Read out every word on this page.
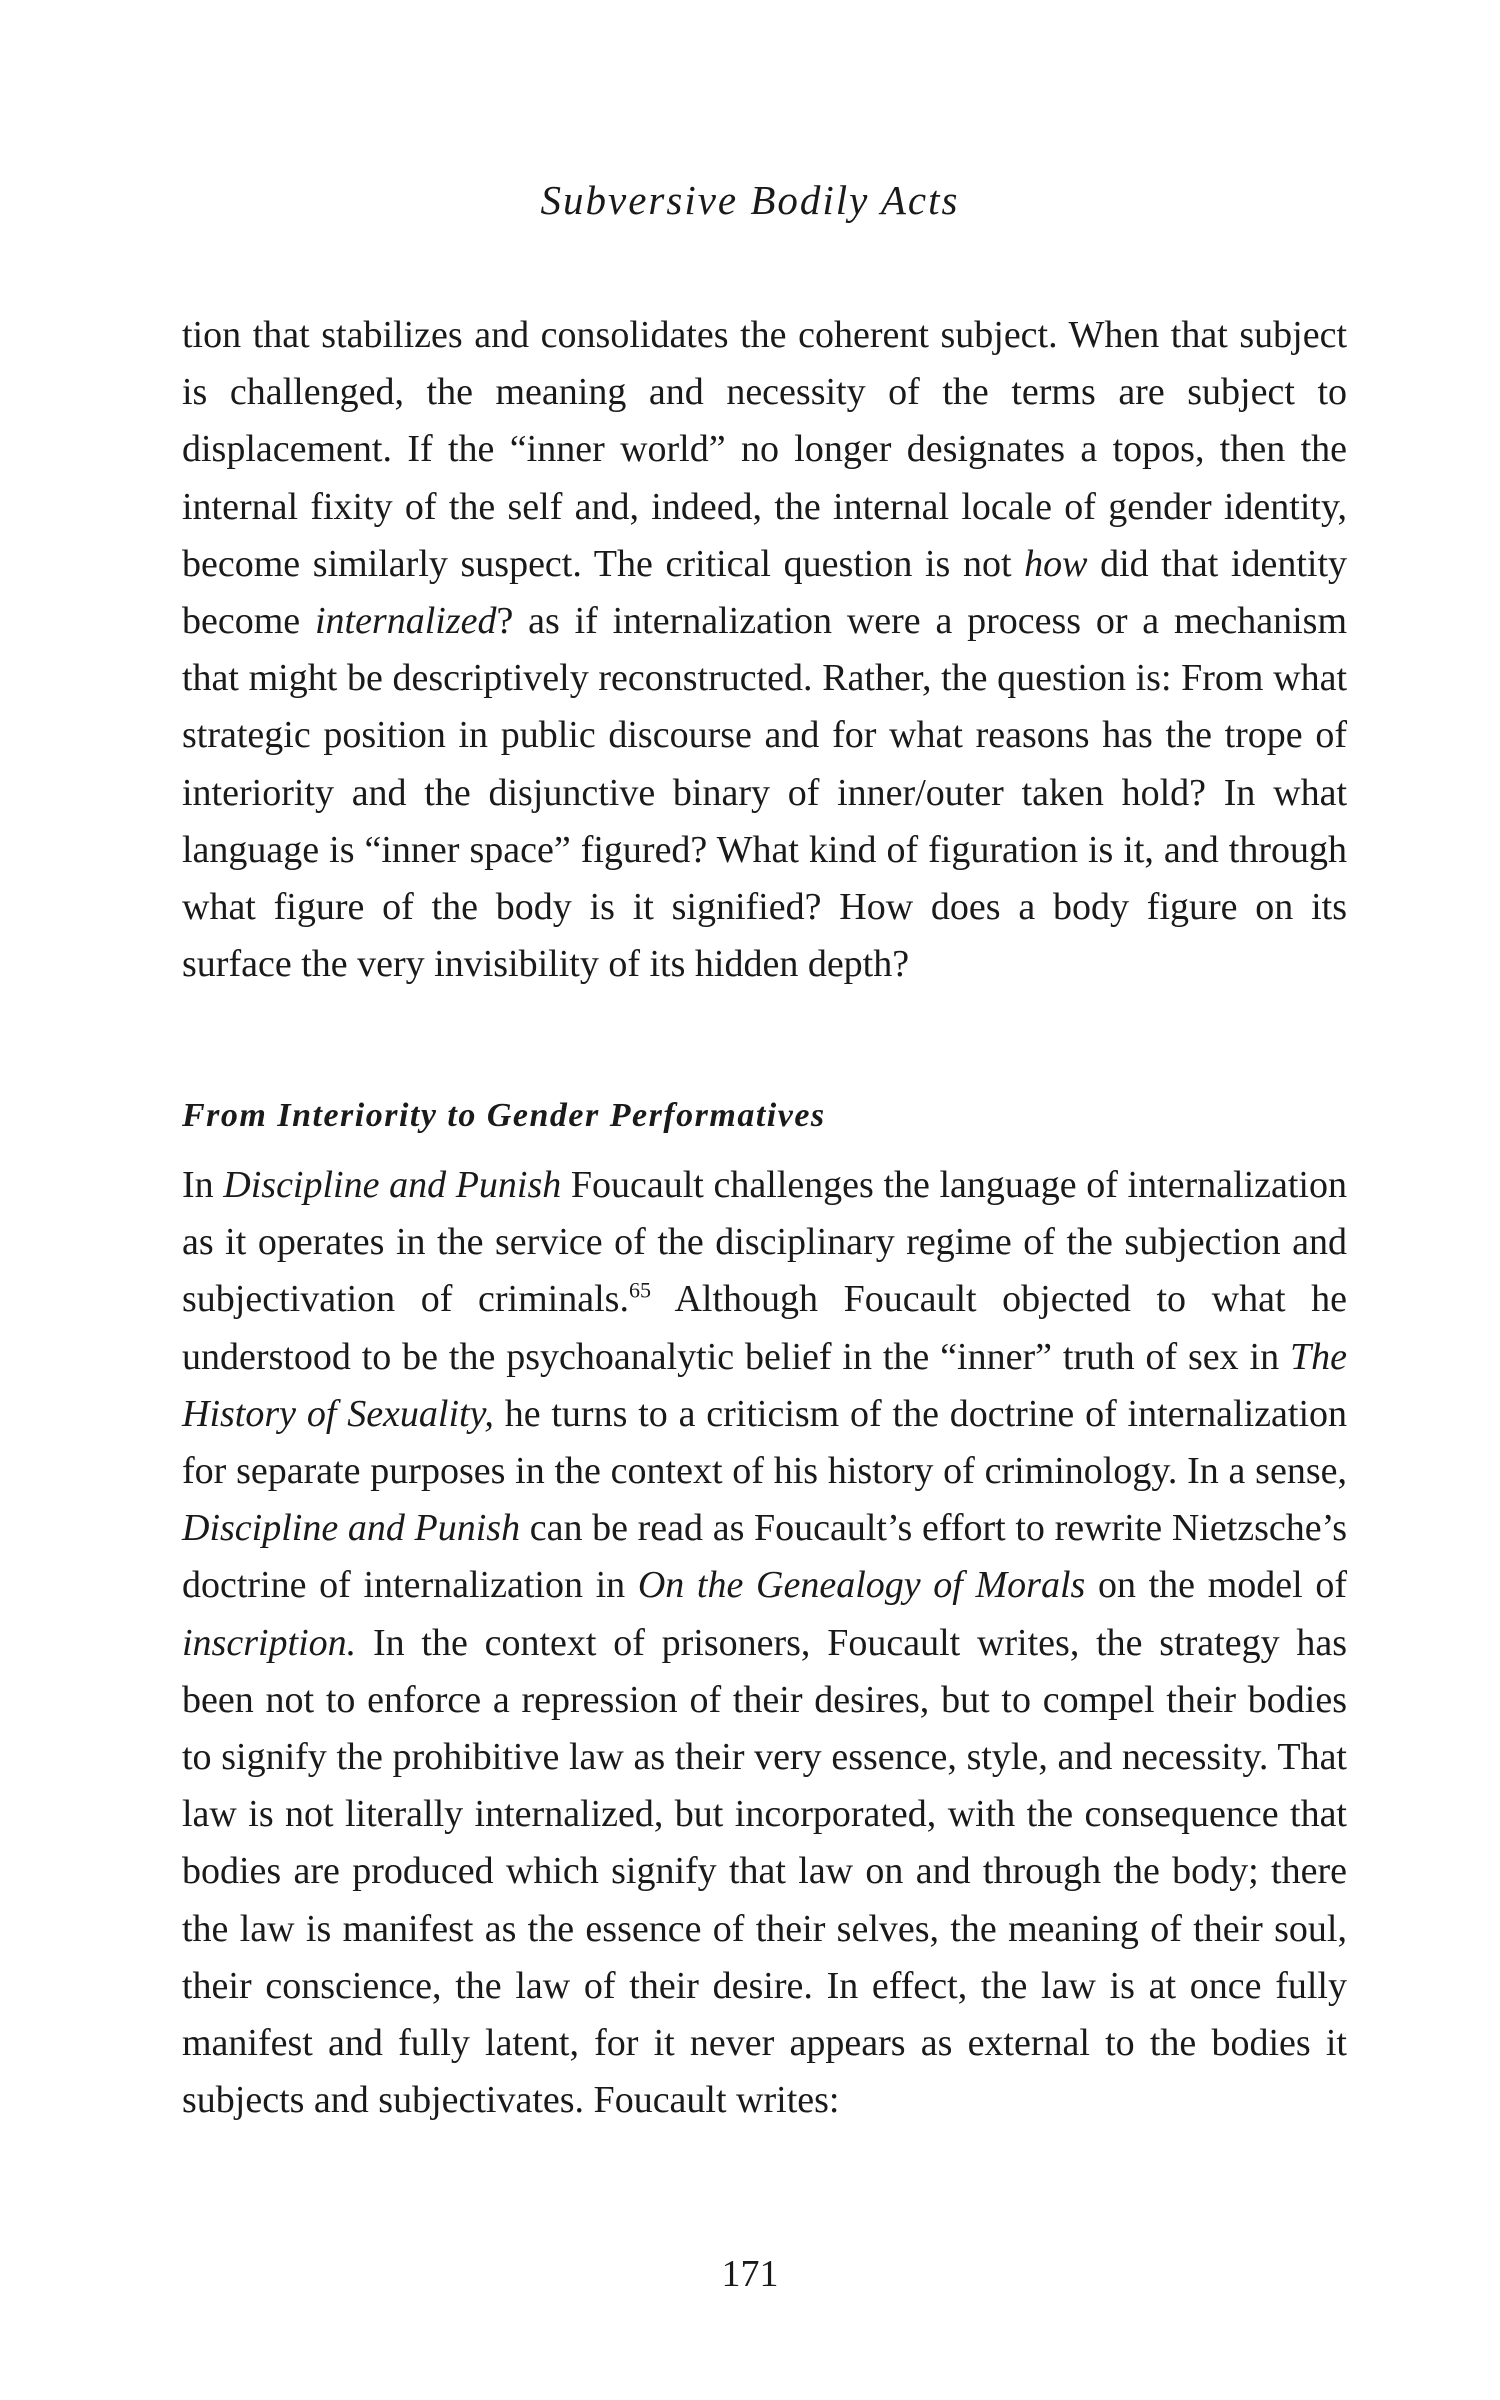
Subversive Bodily Acts

tion that stabilizes and consolidates the coherent subject. When that subject is challenged, the meaning and necessity of the terms are subject to displacement. If the “inner world” no longer designates a topos, then the internal fixity of the self and, indeed, the internal locale of gender identity, become similarly suspect. The critical question is not how did that identity become internalized? as if internalization were a process or a mechanism that might be descriptively reconstructed. Rather, the question is: From what strategic position in public discourse and for what reasons has the trope of interiority and the disjunctive binary of inner/outer taken hold? In what language is “inner space” figured? What kind of figuration is it, and through what figure of the body is it signified? How does a body figure on its surface the very invisibility of its hidden depth?

From Interiority to Gender Performatives

In Discipline and Punish Foucault challenges the language of internalization as it operates in the service of the disciplinary regime of the subjection and subjectivation of criminals.$^{65}$ Although Foucault objected to what he understood to be the psychoanalytic belief in the “inner” truth of sex in The History of Sexuality, he turns to a criticism of the doctrine of internalization for separate purposes in the context of his history of criminology. In a sense, Discipline and Punish can be read as Foucault’s effort to rewrite Nietzsche’s doctrine of internalization in On the Genealogy of Morals on the model of inscription. In the context of prisoners, Foucault writes, the strategy has been not to enforce a repression of their desires, but to compel their bodies to signify the prohibitive law as their very essence, style, and necessity. That law is not literally internalized, but incorporated, with the consequence that bodies are produced which signify that law on and through the body; there the law is manifest as the essence of their selves, the meaning of their soul, their conscience, the law of their desire. In effect, the law is at once fully manifest and fully latent, for it never appears as external to the bodies it subjects and subjectivates. Foucault writes:

171
